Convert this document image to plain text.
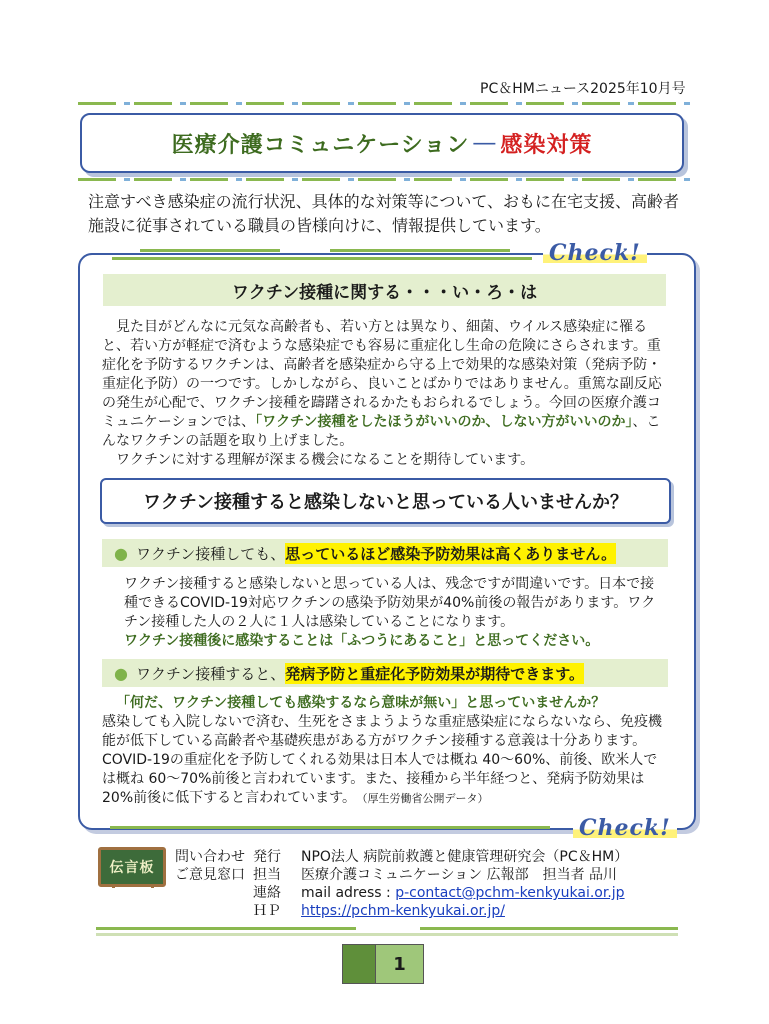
PC＆HMニュース2025年10月号
医療介護コミュニケーション ― 感染対策
注意すべき感染症の流行状況、具体的な対策等について、おもに在宅支援、高齢者施設に従事されている職員の皆様向けに、情報提供しています。
Check!
ワクチン接種に関する・・・い・ろ・は
見た目がどんなに元気な高齢者も、若い方とは異なり、細菌、ウイルス感染症に罹ると、若い方が軽症で済むような感染症でも容易に重症化し生命の危険にさらされます。重症化を予防するワクチンは、高齢者を感染症から守る上で効果的な感染対策（発病予防・重症化予防）の一つです。しかしながら、良いことばかりではありません。重篤な副反応の発生が心配で、ワクチン接種を躊躇されるかたもおられるでしょう。今回の医療介護コミュニケーションでは、「ワクチン接種をしたほうがいいのか、しない方がいいのか」、こんなワクチンの話題を取り上げました。
ワクチンに対する理解が深まる機会になることを期待しています。
ワクチン接種すると感染しないと思っている人いませんか？
● ワクチン接種しても、 思っているほど感染予防効果は高くありません。
ワクチン接種すると感染しないと思っている人は、残念ですが間違いです。日本で接種できるCOVID-19対応ワクチンの感染予防効果が40%前後の報告があります。ワクチン接種した人の２人に１人は感染していることになります。
ワクチン接種後に感染することは「ふつうにあること」と思ってください。
● ワクチン接種すると、 発病予防と重症化予防効果が期待できます。
「何だ、ワクチン接種しても感染するなら意味が無い」と思っていませんか？
感染しても入院しないで済む、生死をさまようような重症感染症にならないなら、免疫機能が低下している高齢者や基礎疾患がある方がワクチン接種する意義は十分あります。COVID-19の重症化を予防してくれる効果は日本人では概ね 40〜60%、前後、欧米人では概ね 60〜70%前後と言われています。また、接種から半年経つと、発病予防効果は20%前後に低下すると言われています。 （厚生労働省公開データ）
Check!
伝言板
問い合わせ	発行	NPO法人 病院前救護と健康管理研究会（PC＆HM）
ご意見窓口	担当	医療介護コミュニケーション 広報部　担当者 品川
	連絡	mail adress : p-contact@pchm-kenkyukai.or.jp
	ＨＰ	https://pchm-kenkyukai.or.jp/
1
